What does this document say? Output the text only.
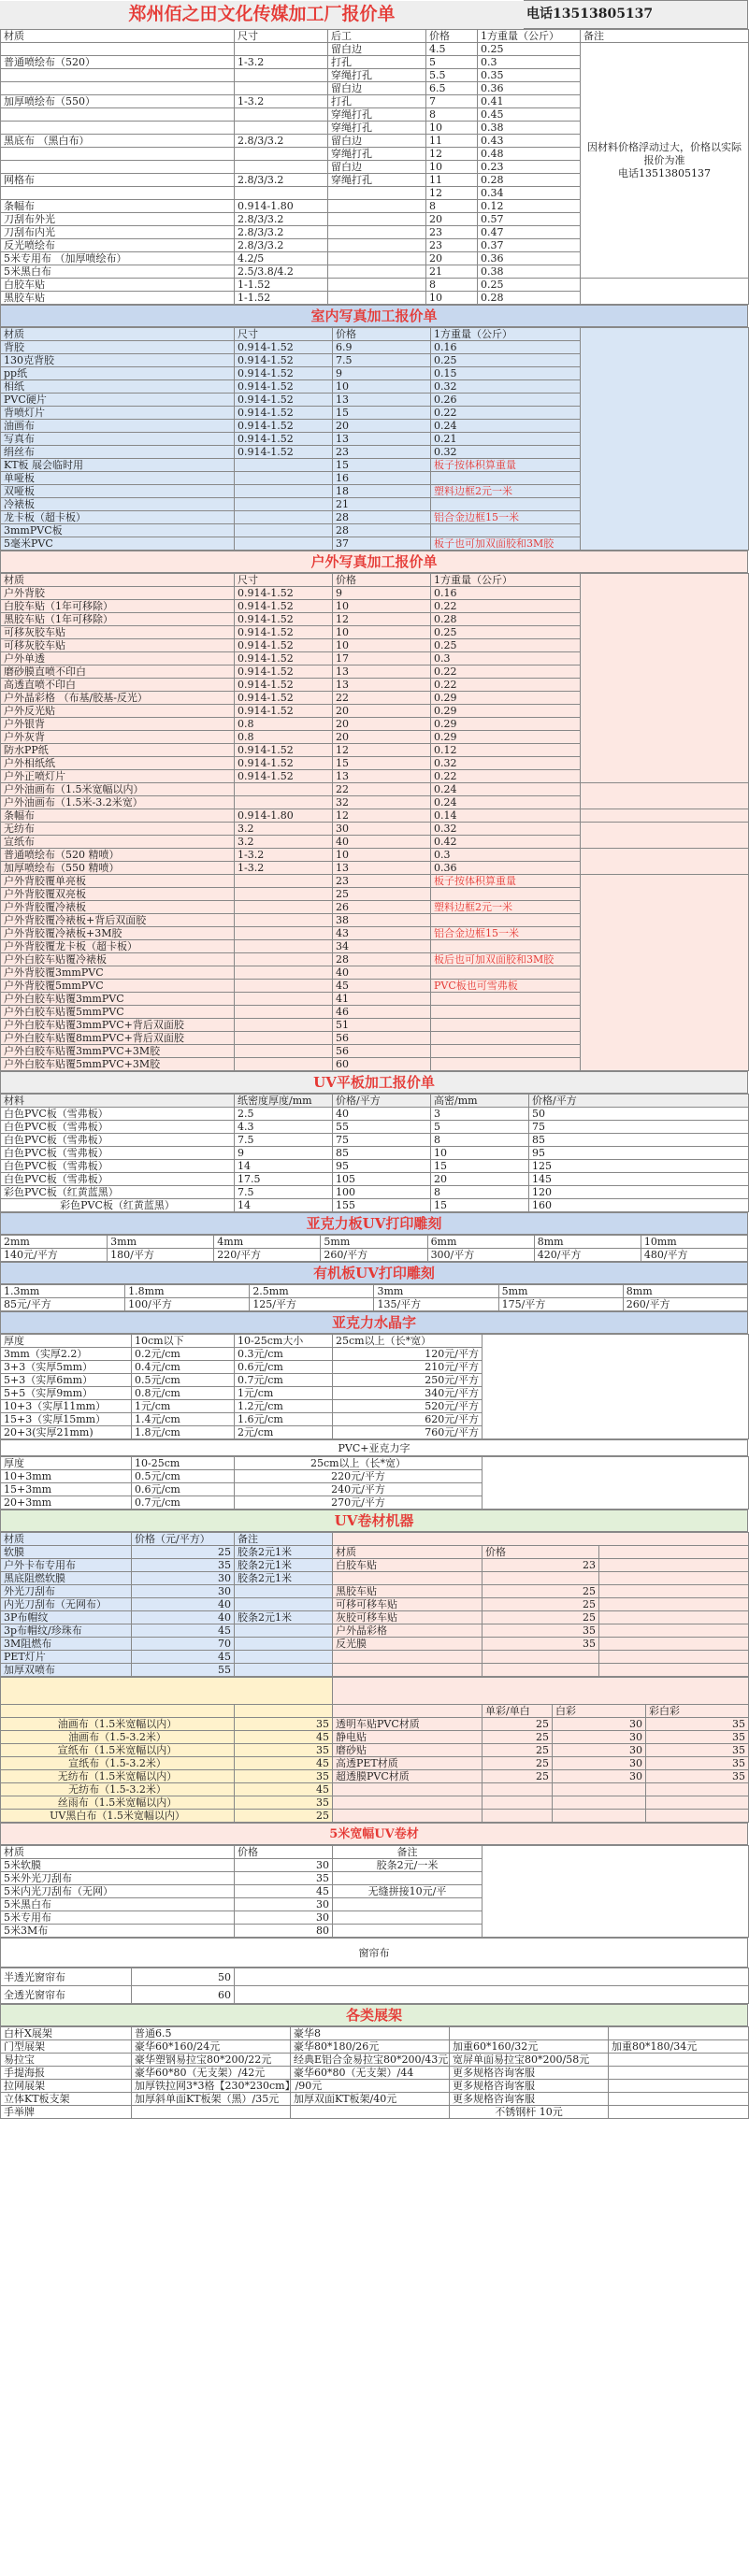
郑州佰之田文化传媒加工厂报价单	电话13513805137
材质	尺寸	后工	价格	1方重量（公斤）	备注
		留白边	4.5	0.25	因材料价格浮动过大，价格以实际报价为准
电话13513805137

普通喷绘布（520）	1-3.2	打孔	5	0.3	
		穿绳打孔	5.5	0.35	
		留白边	6.5	0.36	
加厚喷绘布（550）	1-3.2	打孔	7	0.41	
		穿绳打孔	8	0.45	
		穿绳打孔	10	0.38	
黑底布 （黑白布）	2.8/3/3.2	留白边	11	0.43	
		穿绳打孔	12	0.48	
		留白边	10	0.23	
网格布	2.8/3/3.2	穿绳打孔	11	0.28	
			12	0.34	
条幅布	0.914-1.80		8	0.12	
刀刮布外光	2.8/3/3.2		20	0.57	
刀刮布内光	2.8/3/3.2		23	0.47	
反光喷绘布	2.8/3/3.2		23	0.37	
5米专用布 （加厚喷绘布）	4.2/5		20	0.36	
5米黑白布	2.5/3.8/4.2		21	0.38	
白胶车贴	1-1.52		8	0.25	
黑胶车贴	1-1.52		10	0.28	
室内写真加工报价单
材质	尺寸	价格	1方重量（公斤）	
背胶	0.914-1.52	6.9	0.16	
130克背胶	0.914-1.52	7.5	0.25	
pp纸	0.914-1.52	9	0.15	
相纸	0.914-1.52	10	0.32	
PVC硬片	0.914-1.52	13	0.26	
背喷灯片	0.914-1.52	15	0.22	
油画布	0.914-1.52	20	0.24	
写真布	0.914-1.52	13	0.21	
绢丝布	0.914-1.52	23	0.32	
KT板 展会临时用		15	板子按体积算重量	
单哑板		16		
双哑板		18	塑料边框2元一米	
冷裱板		21		
龙卡板（超卡板）		28	铝合金边框15一米	
3mmPVC板		28		
5毫米PVC		37	板子也可加双面胶和3M胶	
户外写真加工报价单
材质	尺寸	价格	1方重量（公斤）	
户外背胶	0.914-1.52	9	0.16	
白胶车贴（1年可移除）	0.914-1.52	10	0.22	
黑胶车贴（1年可移除）	0.914-1.52	12	0.28	
可移灰胶车贴	0.914-1.52	10	0.25	
可移灰胶车贴	0.914-1.52	10	0.25	
户外单透	0.914-1.52	17	0.3	
磨砂膜直喷不印白	0.914-1.52	13	0.22	
高透直喷不印白	0.914-1.52	13	0.22	
户外晶彩格 （布基/胶基-反光）	0.914-1.52	22	0.29	
户外反光贴	0.914-1.52	20	0.29	
户外银背	0.8	20	0.29	
户外灰背	0.8	20	0.29	
防水PP纸	0.914-1.52	12	0.12	
户外相纸纸	0.914-1.52	15	0.32	
户外正喷灯片	0.914-1.52	13	0.22	
户外油画布（1.5米宽幅以内）		22	0.24	
户外油画布（1.5米-3.2米宽）		32	0.24	
条幅布	0.914-1.80	12	0.14	
无纺布	3.2	30	0.32	
宣纸布	3.2	40	0.42	
普通喷绘布（520 精喷）	1-3.2	10	0.3	
加厚喷绘布（550 精喷）	1-3.2	13	0.36	
户外背胶覆单亮板		23	板子按体积算重量	
户外背胶覆双亮板		25		
户外背胶覆冷裱板		26	塑料边框2元一米	
户外背胶覆冷裱板+背后双面胶		38		
户外背胶覆冷裱板+3M胶		43	铝合金边框15一米	
户外背胶覆龙卡板（超卡板）		34		
户外白胶车贴覆冷裱板		28	板后也可加双面胶和3M胶	
户外背胶覆3mmPVC		40		
户外背胶覆5mmPVC		45	PVC板也可雪弗板	
户外白胶车贴覆3mmPVC		41		
户外白胶车贴覆5mmPVC		46		
户外白胶车贴覆3mmPVC+背后双面胶		51		
户外白胶车贴覆8mmPVC+背后双面胶		56		
户外白胶车贴覆3mmPVC+3M胶		56		
户外白胶车贴覆5mmPVC+3M胶		60		
UV平板加工报价单
材料	纸密度厚度/mm	价格/平方	高密/mm	价格/平方
白色PVC板（雪弗板）	2.5	40	3	50
白色PVC板（雪弗板）	4.3	55	5	75
白色PVC板（雪弗板）	7.5	75	8	85
白色PVC板（雪弗板）	9	85	10	95
白色PVC板（雪弗板）	14	95	15	125
白色PVC板（雪弗板）	17.5	105	20	145
彩色PVC板（红黄蓝黑）	7.5	100	8	120
彩色PVC板（红黄蓝黑）	14	155	15	160
亚克力板UV打印雕刻
2mm	3mm	4mm	5mm	6mm	8mm	10mm
140元/平方	180/平方	220/平方	260/平方	300/平方	420/平方	480/平方
有机板UV打印雕刻
1.3mm	1.8mm	2.5mm	3mm	5mm	8mm
85元/平方	100/平方	125/平方	135/平方	175/平方	260/平方
亚克力水晶字
厚度	10cm以下	10-25cm大小	25cm以上（长*宽）	
3mm（实厚2.2）	0.2元/cm	0.3元/cm	120元/平方	
3+3（实厚5mm）	0.4元/cm	0.6元/cm	210元/平方	
5+3（实厚6mm）	0.5元/cm	0.7元/cm	250元/平方	
5+5（实厚9mm）	0.8元/cm	1元/cm	340元/平方	
10+3（实厚11mm）	1元/cm	1.2元/cm	520元/平方	
15+3（实厚15mm）	1.4元/cm	1.6元/cm	620元/平方	
20+3(实厚21mm)	1.8元/cm	2元/cm	760元/平方	
PVC+亚克力字
厚度	10-25cm	25cm以上（长*宽）	
10+3mm	0.5元/cm	220元/平方	
15+3mm	0.6元/cm	240元/平方	
20+3mm	0.7元/cm	270元/平方	
UV卷材机器
材质	价格（元/平方）	备注			
软膜	25	胶条2元1米	材质	价格	
户外卡布专用布	35	胶条2元1米	白胶车贴	23	
黑底阻燃软膜	30	胶条2元1米			
外光刀刮布	30		黑胶车贴	25	
内光刀刮布（无网布）	40		可移可移车贴	25	
3P布帽纹	40	胶条2元1米	灰胶可移车贴	25	
3p布帽纹/珍珠布	45		户外晶彩格	35	
3M阻燃布	70		反光膜	35	
PET灯片	45				
加厚双喷布	55				

			单彩/单白	白彩	彩白彩
油画布（1.5米宽幅以内）	35	透明车贴PVC材质	25	30	35
油画布（1.5-3.2米）	45	静电贴	25	30	35
宣纸布（1.5米宽幅以内）	35	磨砂贴	25	30	35
宣纸布（1.5-3.2米）	45	高透PET材质	25	30	35
无纺布（1.5米宽幅以内）	35	超透膜PVC材质	25	30	35
无纺布（1.5-3.2米）	45				
丝雨布（1.5米宽幅以内）	35				
UV黑白布（1.5米宽幅以内）	25				
5米宽幅UV卷材
材质	价格	备注	
5米软膜	30	胶条2元/一米	
5米外光刀刮布	35		
5米内光刀刮布（无网）	45	无缝拼接10元/平	
5米黑白布	30		
5米专用布	30		
5米3M布	80		
窗帘布
半透光窗帘布	50	
全透光窗帘布	60	
各类展架
白杆X展架	普通6.5	豪华8		
门型展架	豪华60*160/24元	豪华80*180/26元	加重60*160/32元	加重80*180/34元
易拉宝	豪华塑钢易拉宝80*200/22元	经典E铝合金易拉宝80*200/43元	宽屏单面易拉宝80*200/58元	
手提海报	豪华60*80（无支架）/42元	豪华60*80（无支架）/44	更多规格咨询客服	
拉网展架	加厚铁拉网3*3格【230*230cm】/90元		更多规格咨询客服	
立体KT板支架	加厚斜单面KT板架（黑）/35元	加厚双面KT板架/40元	更多规格咨询客服	
手举牌			不锈钢杆 10元	
